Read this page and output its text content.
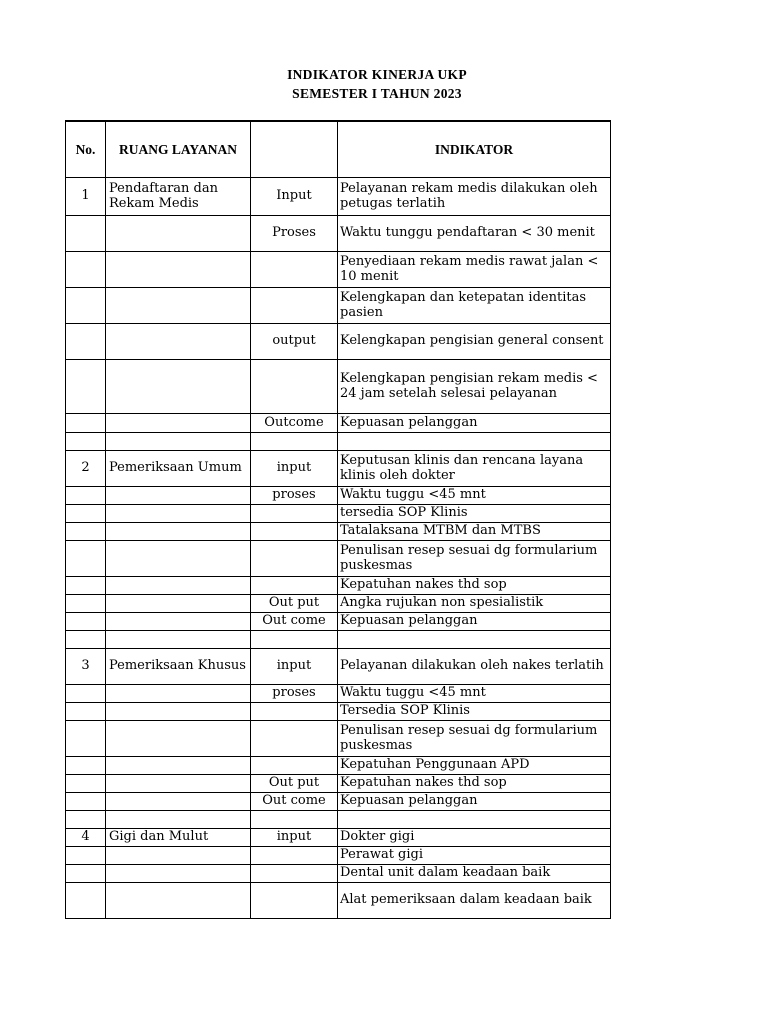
INDIKATOR KINERJA UKP
SEMESTER I TAHUN 2023
No.	RUANG LAYANAN		INDIKATOR
1	Pendaftaran dan Rekam Medis	Input	Pelayanan rekam medis dilakukan oleh petugas terlatih
		Proses	Waktu tunggu pendaftaran < 30 menit
			Penyediaan rekam medis rawat jalan < 10 menit
			Kelengkapan dan ketepatan identitas pasien
		output	Kelengkapan pengisian general consent
			Kelengkapan pengisian rekam medis < 24 jam setelah selesai pelayanan
		Outcome	Kepuasan pelanggan

2	Pemeriksaan Umum	input	Keputusan klinis dan rencana layana klinis oleh dokter
		proses	Waktu tuggu <45 mnt
			tersedia SOP Klinis
			Tatalaksana MTBM dan MTBS
			Penulisan resep sesuai dg formularium puskesmas
			Kepatuhan nakes thd sop
		Out put	Angka rujukan non spesialistik
		Out come	Kepuasan pelanggan

3	Pemeriksaan Khusus	input	Pelayanan dilakukan oleh nakes terlatih
		proses	Waktu tuggu <45 mnt
			Tersedia SOP Klinis
			Penulisan resep sesuai dg formularium puskesmas
			Kepatuhan Penggunaan APD
		Out put	Kepatuhan nakes thd sop
		Out come	Kepuasan pelanggan

4	Gigi dan Mulut	input	Dokter gigi
			Perawat gigi
			Dental unit dalam keadaan baik
			Alat pemeriksaan dalam keadaan baik
